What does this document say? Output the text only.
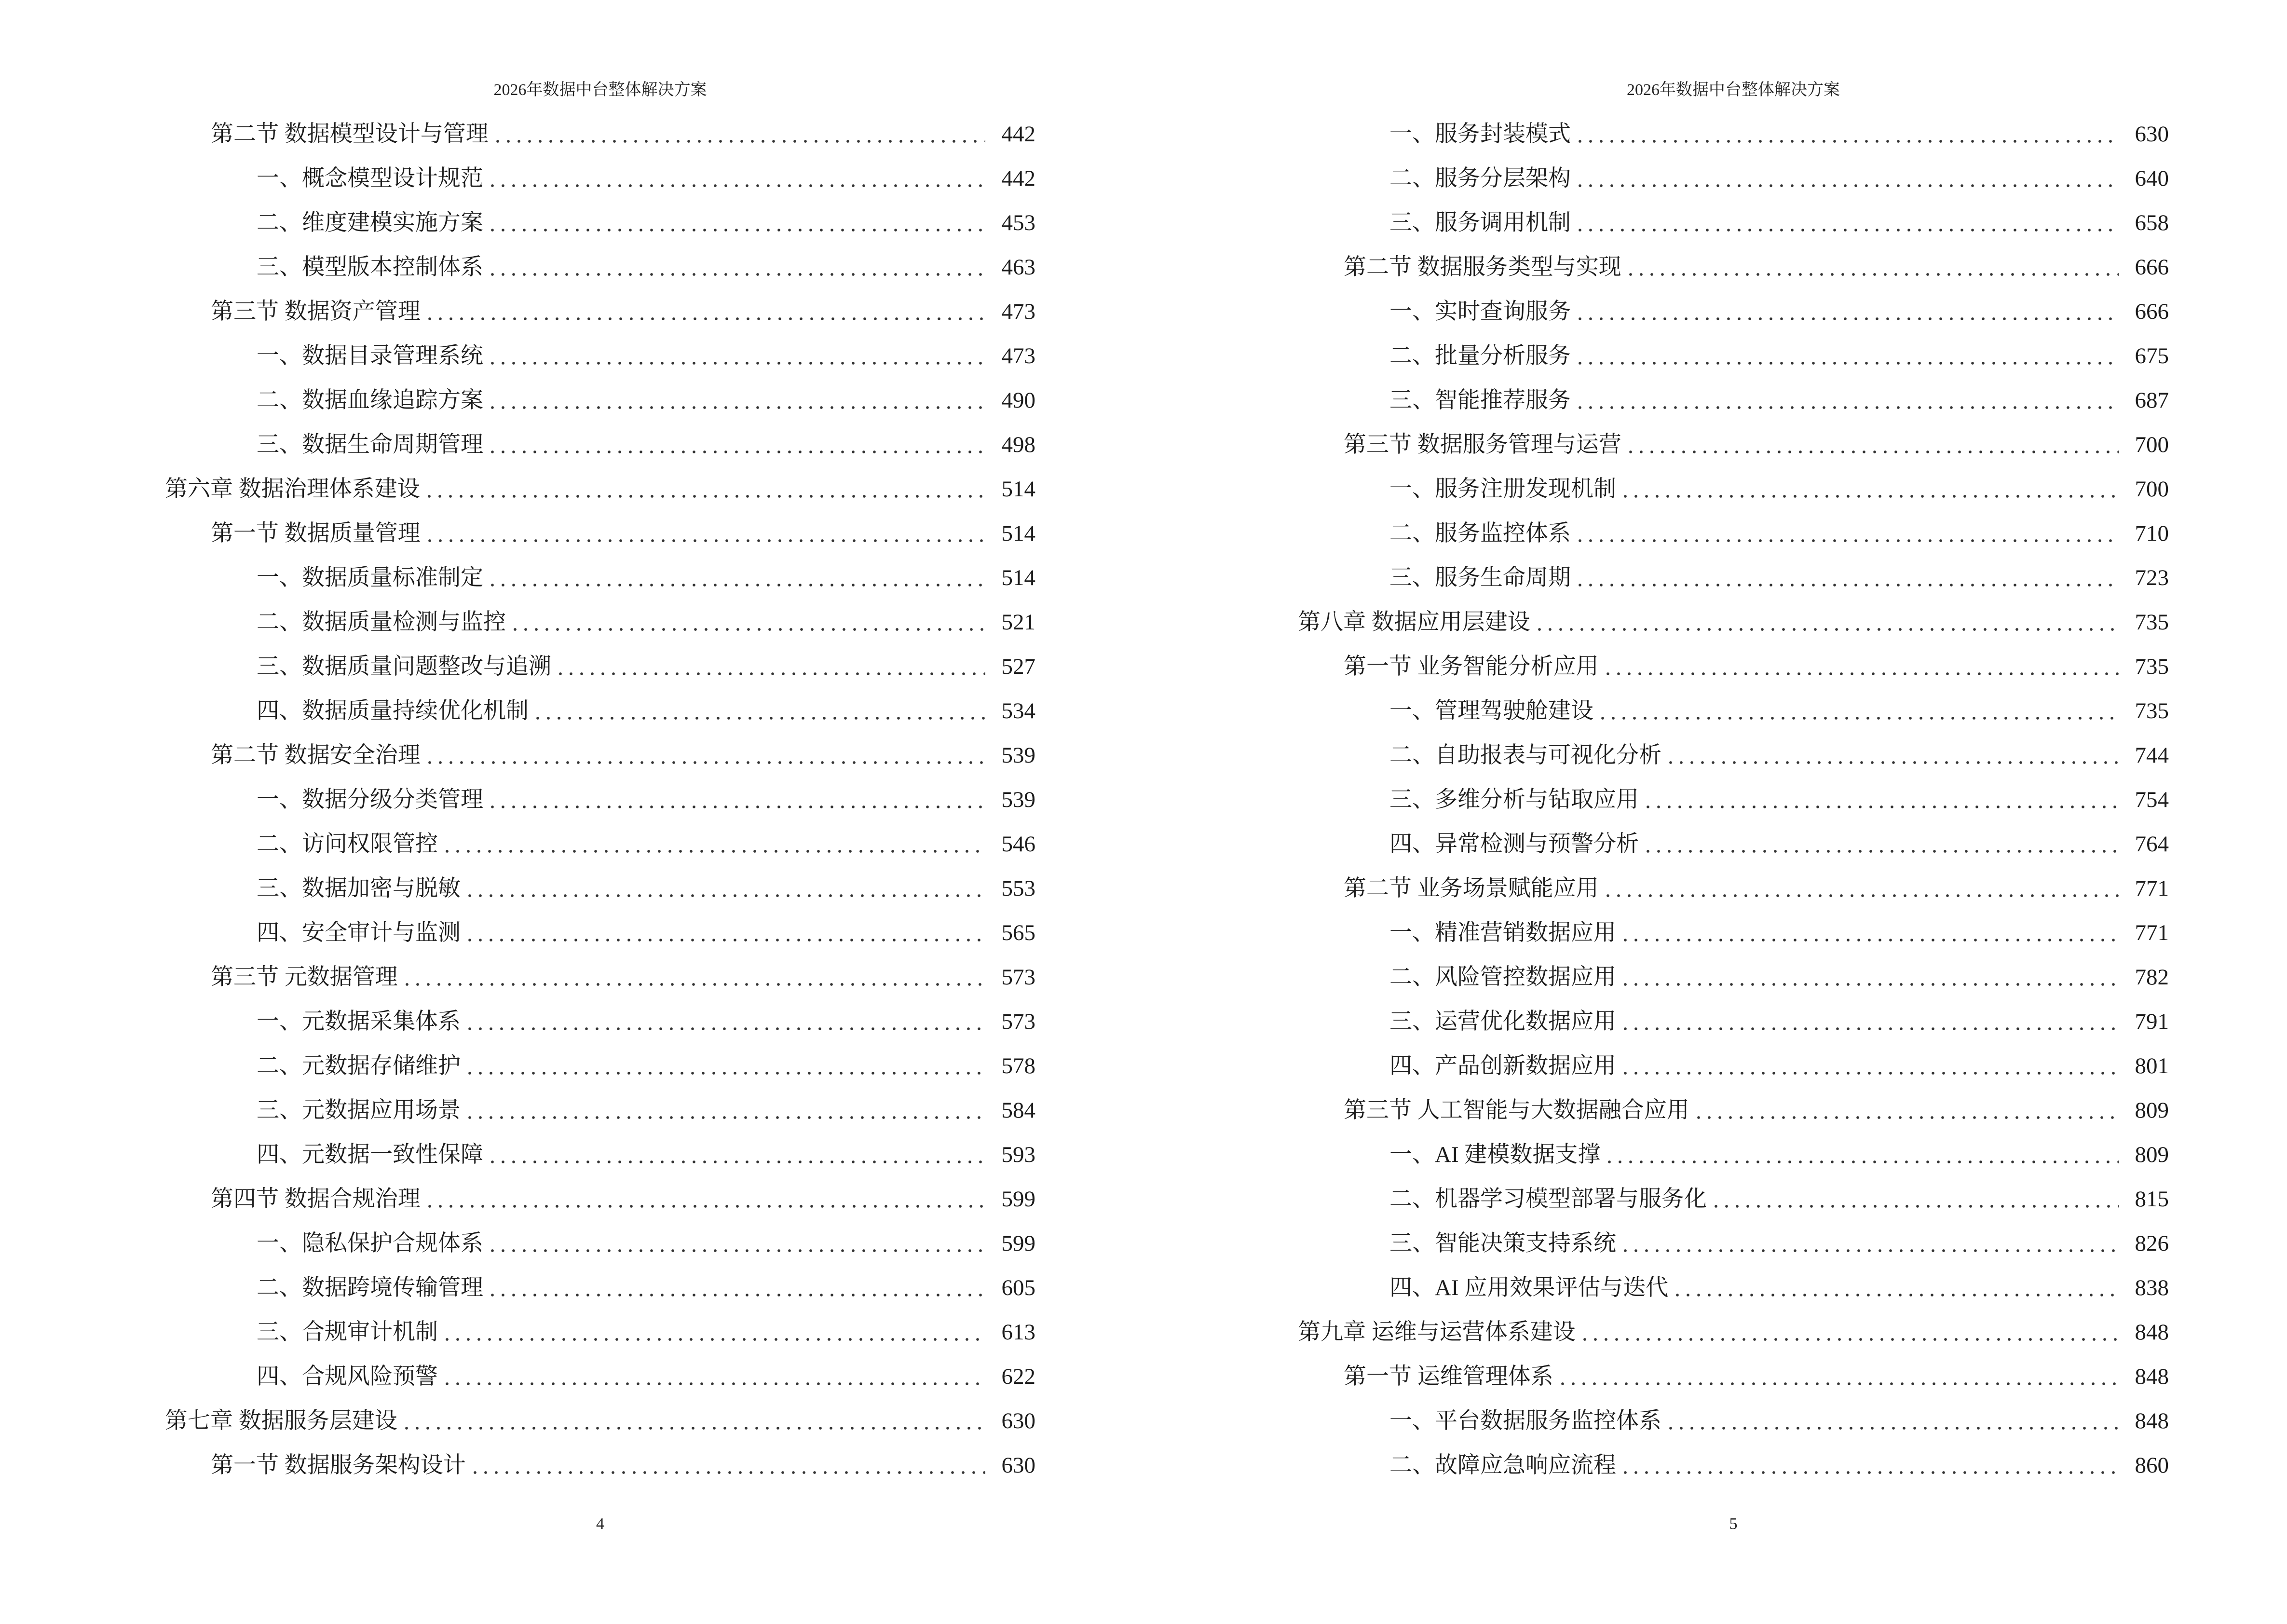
2026年数据中台整体解决方案
第二节 数据模型设计与管理	442
一、概念模型设计规范	442
二、维度建模实施方案	453
三、模型版本控制体系	463
第三节 数据资产管理	473
一、数据目录管理系统	473
二、数据血缘追踪方案	490
三、数据生命周期管理	498
第六章 数据治理体系建设	514
第一节 数据质量管理	514
一、数据质量标准制定	514
二、数据质量检测与监控	521
三、数据质量问题整改与追溯	527
四、数据质量持续优化机制	534
第二节 数据安全治理	539
一、数据分级分类管理	539
二、访问权限管控	546
三、数据加密与脱敏	553
四、安全审计与监测	565
第三节 元数据管理	573
一、元数据采集体系	573
二、元数据存储维护	578
三、元数据应用场景	584
四、元数据一致性保障	593
第四节 数据合规治理	599
一、隐私保护合规体系	599
二、数据跨境传输管理	605
三、合规审计机制	613
四、合规风险预警	622
第七章 数据服务层建设	630
第一节 数据服务架构设计	630
4
2026年数据中台整体解决方案
一、服务封装模式	630
二、服务分层架构	640
三、服务调用机制	658
第二节 数据服务类型与实现	666
一、实时查询服务	666
二、批量分析服务	675
三、智能推荐服务	687
第三节 数据服务管理与运营	700
一、服务注册发现机制	700
二、服务监控体系	710
三、服务生命周期	723
第八章 数据应用层建设	735
第一节 业务智能分析应用	735
一、管理驾驶舱建设	735
二、自助报表与可视化分析	744
三、多维分析与钻取应用	754
四、异常检测与预警分析	764
第二节 业务场景赋能应用	771
一、精准营销数据应用	771
二、风险管控数据应用	782
三、运营优化数据应用	791
四、产品创新数据应用	801
第三节 人工智能与大数据融合应用	809
一、AI 建模数据支撑	809
二、机器学习模型部署与服务化	815
三、智能决策支持系统	826
四、AI 应用效果评估与迭代	838
第九章 运维与运营体系建设	848
第一节 运维管理体系	848
一、平台数据服务监控体系	848
二、故障应急响应流程	860
5
